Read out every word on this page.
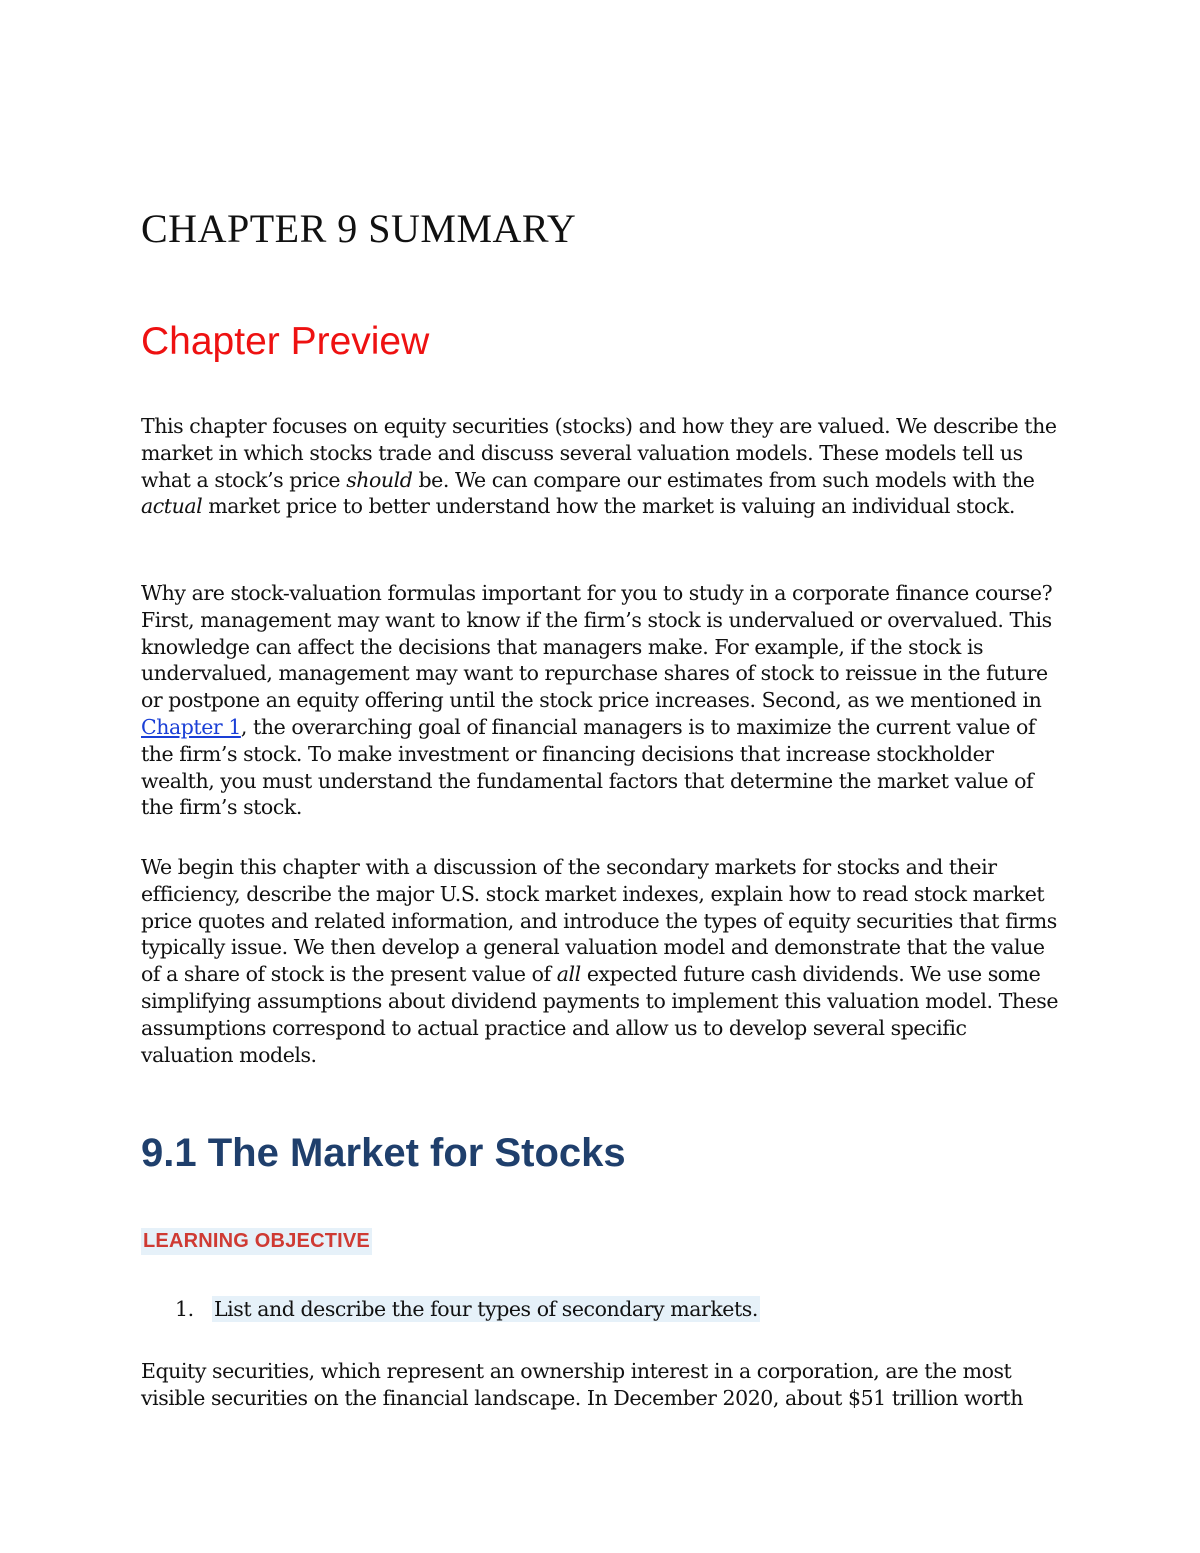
CHAPTER 9 SUMMARY
Chapter Preview

This chapter focuses on equity securities (stocks) and how they are valued. We describe the market in which stocks trade and discuss several valuation models. These models tell us what a stock’s price should be. We can compare our estimates from such models with the actual market price to better understand how the market is valuing an individual stock.

Why are stock-valuation formulas important for you to study in a corporate finance course? First, management may want to know if the firm’s stock is undervalued or overvalued. This knowledge can affect the decisions that managers make. For example, if the stock is undervalued, management may want to repurchase shares of stock to reissue in the future or postpone an equity offering until the stock price increases. Second, as we mentioned in Chapter 1, the overarching goal of financial managers is to maximize the current value of the firm’s stock. To make investment or financing decisions that increase stockholder wealth, you must understand the fundamental factors that determine the market value of the firm’s stock.

We begin this chapter with a discussion of the secondary markets for stocks and their efficiency, describe the major U.S. stock market indexes, explain how to read stock market price quotes and related information, and introduce the types of equity securities that firms typically issue. We then develop a general valuation model and demonstrate that the value of a share of stock is the present value of all expected future cash dividends. We use some simplifying assumptions about dividend payments to implement this valuation model. These assumptions correspond to actual practice and allow us to develop several specific valuation models.

9.1 The Market for Stocks
LEARNING OBJECTIVE

1. List and describe the four types of secondary markets.

Equity securities, which represent an ownership interest in a corporation, are the most visible securities on the financial landscape. In December 2020, about $51 trillion worth
